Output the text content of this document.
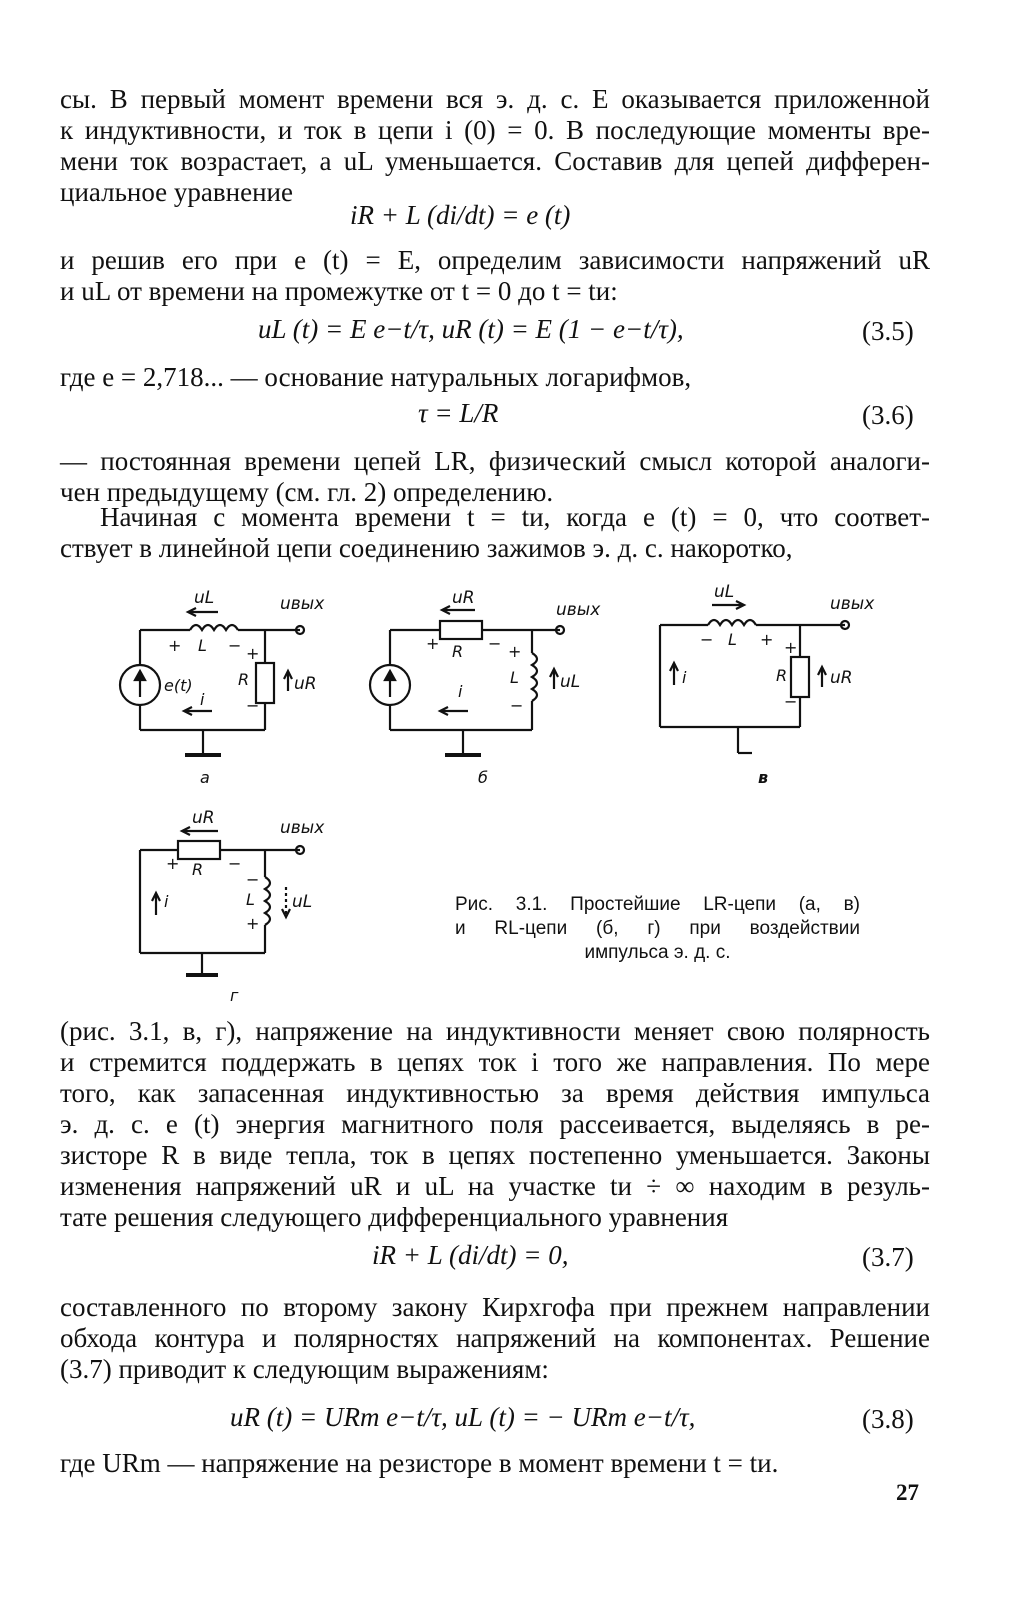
сы. В первый момент времени вся э. д. с. E оказывается приложенной
к индуктивности, и ток в цепи i (0) = 0. В последующие моменты вре-
мени ток возрастает, а uL уменьшается. Составив для цепей дифферен-
циальное уравнение
iR + L (di/dt) = e (t)
и решив его при e (t) = E, определим зависимости напряжений uR
и uL от времени на промежутке от t = 0 до t = tи:
uL (t) = E e−t/τ, uR (t) = E (1 − e−t/τ),	(3.5)
где e = 2,718... — основание натуральных логарифмов,
τ = L/R	(3.6)
— постоянная времени цепей LR, физический смысл которой аналоги-
чен предыдущему (см. гл. 2) определению.
Начиная с момента времени t = tи, когда e (t) = 0, что соответ-
ствует в линейной цепи соединению зажимов э. д. с. накоротко,
uL	uвых
+ L − +
R
−
uR
e(t)
i
а
uR
uвых
+ R − +
L
−
uL
i
б
uL
uвых
− L + +
R
−
uR
i
в
uR	uвых
+ R −
−
L
+
uL
i
г
Рис. 3.1. Простейшие LR-цепи (а, в)
и RL-цепи (б, г) при воздействии
импульса э. д. с.
(рис. 3.1, в, г), напряжение на индуктивности меняет свою полярность
и стремится поддержать в цепях ток i того же направления. По мере
того, как запасенная индуктивностью за время действия импульса
э. д. с. e (t) энергия магнитного поля рассеивается, выделяясь в ре-
зисторе R в виде тепла, ток в цепях постепенно уменьшается. Законы
изменения напряжений uR и uL на участке tи ÷ ∞ находим в резуль-
тате решения следующего дифференциального уравнения
iR + L (di/dt) = 0,	(3.7)
составленного по второму закону Кирхгофа при прежнем направлении
обхода контура и полярностях напряжений на компонентах. Решение
(3.7) приводит к следующим выражениям:
uR (t) = URm e−t/τ, uL (t) = − URm e−t/τ,	(3.8)
где URm — напряжение на резисторе в момент времени t = tи.
27
